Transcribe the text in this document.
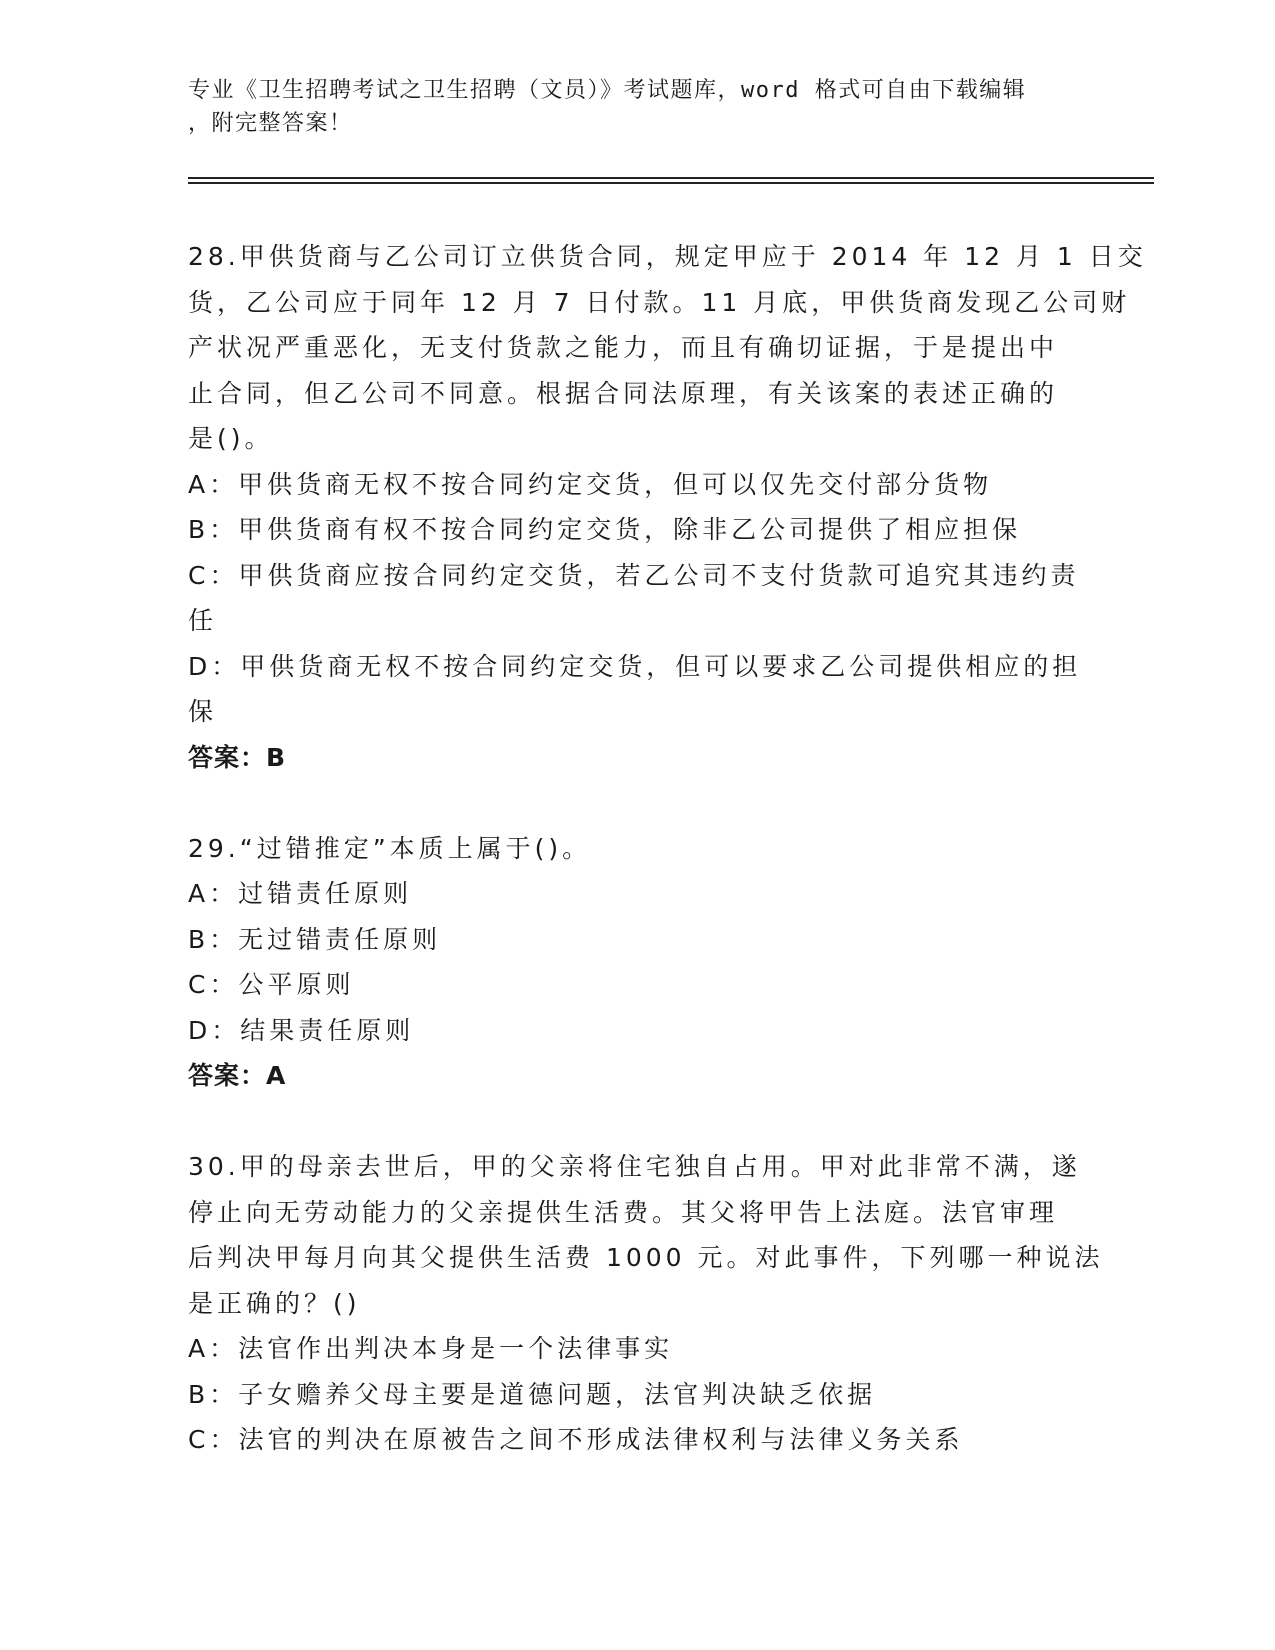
专业《卫生招聘考试之卫生招聘（文员）》考试题库，word 格式可自由下载编辑
，附完整答案！
28.甲供货商与乙公司订立供货合同，规定甲应于 2014 年 12 月 1 日交
货，乙公司应于同年 12 月 7 日付款。11 月底，甲供货商发现乙公司财
产状况严重恶化，无支付货款之能力，而且有确切证据，于是提出中
止合同，但乙公司不同意。根据合同法原理，有关该案的表述正确的
是()。
A：甲供货商无权不按合同约定交货，但可以仅先交付部分货物
B：甲供货商有权不按合同约定交货，除非乙公司提供了相应担保
C：甲供货商应按合同约定交货，若乙公司不支付货款可追究其违约责
任
D：甲供货商无权不按合同约定交货，但可以要求乙公司提供相应的担
保
答案：B
29.“过错推定”本质上属于()。
A：过错责任原则
B：无过错责任原则
C：公平原则
D：结果责任原则
答案：A
30.甲的母亲去世后，甲的父亲将住宅独自占用。甲对此非常不满，遂
停止向无劳动能力的父亲提供生活费。其父将甲告上法庭。法官审理
后判决甲每月向其父提供生活费 1000 元。对此事件，下列哪一种说法
是正确的？()
A：法官作出判决本身是一个法律事实
B：子女赡养父母主要是道德问题，法官判决缺乏依据
C：法官的判决在原被告之间不形成法律权利与法律义务关系
